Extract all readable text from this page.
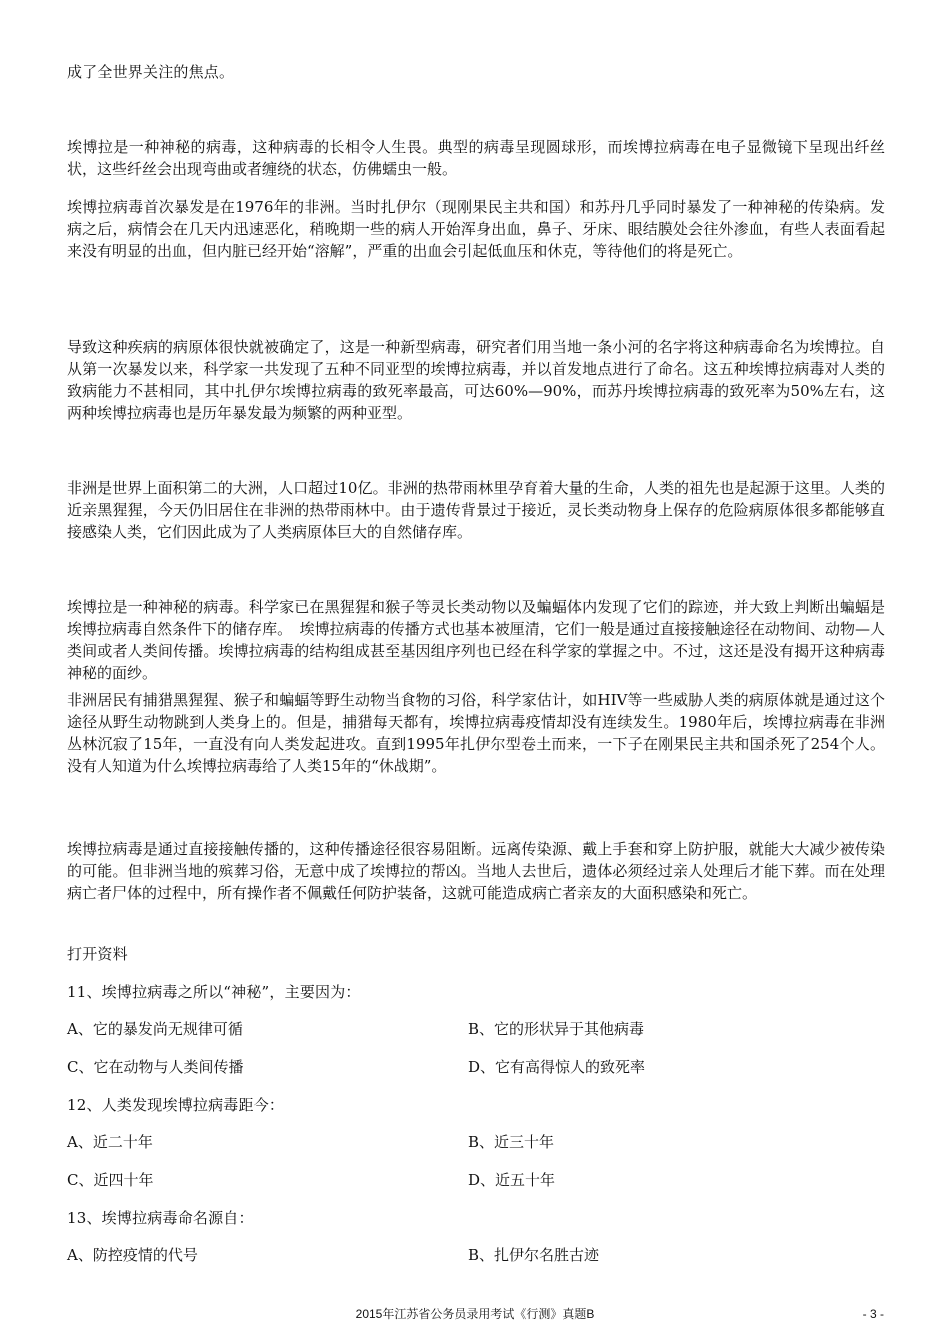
成了全世界关注的焦点。
埃博拉是一种神秘的病毒，这种病毒的长相令人生畏。典型的病毒呈现圆球形，而埃博拉病毒在电子显微镜下呈现出纤丝状，这些纤丝会出现弯曲或者缠绕的状态，仿佛蠕虫一般。
埃博拉病毒首次暴发是在1976年的非洲。当时扎伊尔（现刚果民主共和国）和苏丹几乎同时暴发了一种神秘的传染病。发病之后，病情会在几天内迅速恶化，稍晚期一些的病人开始浑身出血，鼻子、牙床、眼结膜处会往外渗血，有些人表面看起来没有明显的出血，但内脏已经开始“溶解”，严重的出血会引起低血压和休克，等待他们的将是死亡。
导致这种疾病的病原体很快就被确定了，这是一种新型病毒，研究者们用当地一条小河的名字将这种病毒命名为埃博拉。自从第一次暴发以来，科学家一共发现了五种不同亚型的埃博拉病毒，并以首发地点进行了命名。这五种埃博拉病毒对人类的致病能力不甚相同，其中扎伊尔埃博拉病毒的致死率最高，可达60%—90%，而苏丹埃博拉病毒的致死率为50%左右，这两种埃博拉病毒也是历年暴发最为频繁的两种亚型。
非洲是世界上面积第二的大洲，人口超过10亿。非洲的热带雨林里孕育着大量的生命，人类的祖先也是起源于这里。人类的近亲黑猩猩，今天仍旧居住在非洲的热带雨林中。由于遗传背景过于接近，灵长类动物身上保存的危险病原体很多都能够直接感染人类，它们因此成为了人类病原体巨大的自然储存库。
埃博拉是一种神秘的病毒。科学家已在黑猩猩和猴子等灵长类动物以及蝙蝠体内发现了它们的踪迹，并大致上判断出蝙蝠是埃博拉病毒自然条件下的储存库。　埃博拉病毒的传播方式也基本被厘清，它们一般是通过直接接触途径在动物间、动物—人类间或者人类间传播。埃博拉病毒的结构组成甚至基因组序列也已经在科学家的掌握之中。不过，这还是没有揭开这种病毒神秘的面纱。
非洲居民有捕猎黑猩猩、猴子和蝙蝠等野生动物当食物的习俗，科学家估计，如HIV等一些威胁人类的病原体就是通过这个途径从野生动物跳到人类身上的。但是，捕猎每天都有，埃博拉病毒疫情却没有连续发生。1980年后，埃博拉病毒在非洲丛林沉寂了15年，一直没有向人类发起进攻。直到1995年扎伊尔型卷土而来，一下子在刚果民主共和国杀死了254个人。没有人知道为什么埃博拉病毒给了人类15年的“休战期”。
埃博拉病毒是通过直接接触传播的，这种传播途径很容易阻断。远离传染源、戴上手套和穿上防护服，就能大大减少被传染的可能。但非洲当地的殡葬习俗，无意中成了埃博拉的帮凶。当地人去世后，遗体必须经过亲人处理后才能下葬。而在处理病亡者尸体的过程中，所有操作者不佩戴任何防护装备，这就可能造成病亡者亲友的大面积感染和死亡。
打开资料
11、埃博拉病毒之所以“神秘”，主要因为：
A、它的暴发尚无规律可循	B、它的形状异于其他病毒
C、它在动物与人类间传播	D、它有高得惊人的致死率
12、人类发现埃博拉病毒距今：
A、近二十年	B、近三十年
C、近四十年	D、近五十年
13、埃博拉病毒命名源自：
A、防控疫情的代号	B、扎伊尔名胜古迹
2015年江苏省公务员录用考试《行测》真题B	- 3 -
